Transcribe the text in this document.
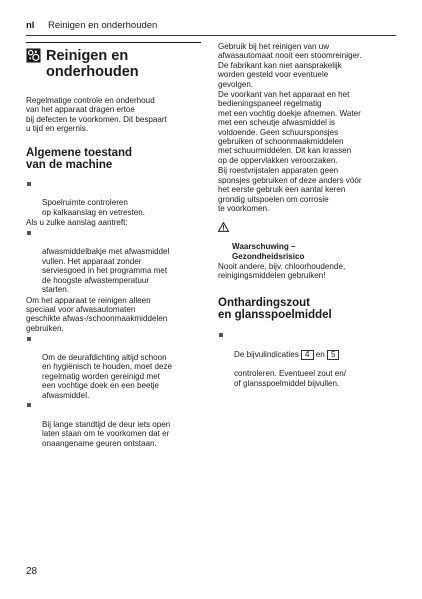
nl Reinigen en onderhouden
Reinigen en
onderhouden

Regelmatige controle en onderhoud
van het apparaat dragen ertoe
bij defecten te voorkomen. Dit bespaart
u tijd en ergernis.

Algemene toestand
van de machine

Spoelruimte controleren
op kalkaanslag en vetresten.

Als u zulke aanslag aantreft:

afwasmiddelbakje met afwasmiddel
vullen. Het apparaat zonder
serviesgoed in het programma met
de hoogste afwastemperatuur
starten.

Om het apparaat te reinigen alleen
speciaal voor afwasautomaten
geschikte afwas-/schoonmaakmiddelen
gebruiken.

Om de deurafdichting altijd schoon
en hygiënisch te houden, moet deze
regelmatig worden gereinigd met
een vochtige doek en een beetje
afwasmiddel.

Bij lange standtijd de deur iets open
laten staan om te voorkomen dat er
onaangename geuren ontstaan.

Gebruik bij het reinigen van uw
afwasautomaat nooit een stoomreiniger.
De fabrikant kan niet aansprakelijk
worden gesteld voor eventuele
gevolgen.

De voorkant van het apparaat en het
bedieningspaneel regelmatig
met een vochtig doekje afnemen. Water
met een scheutje afwasmiddel is
voldoende. Geen schuursponsjes
gebruiken of schoonmaakmiddelen
met schuurmiddelen. Dit kan krassen
op de oppervlakken veroorzaken.

Bij roestvrijstalen apparaten geen
sponsjes gebruiken of deze anders vóór
het eerste gebruik een aantal keren
grondig uitspoelen om corrosie
te voorkomen.

Waarschuwing –
Gezondheidsrisico

Nooit andere, bijv. chloorhoudende,
reinigingsmiddelen gebruiken!

Onthardingszout
en glansspoelmiddel

De bijvulindicaties 4 en 5

controleren. Eventueel zout en/
of glansspoelmiddel bijvullen.

28
